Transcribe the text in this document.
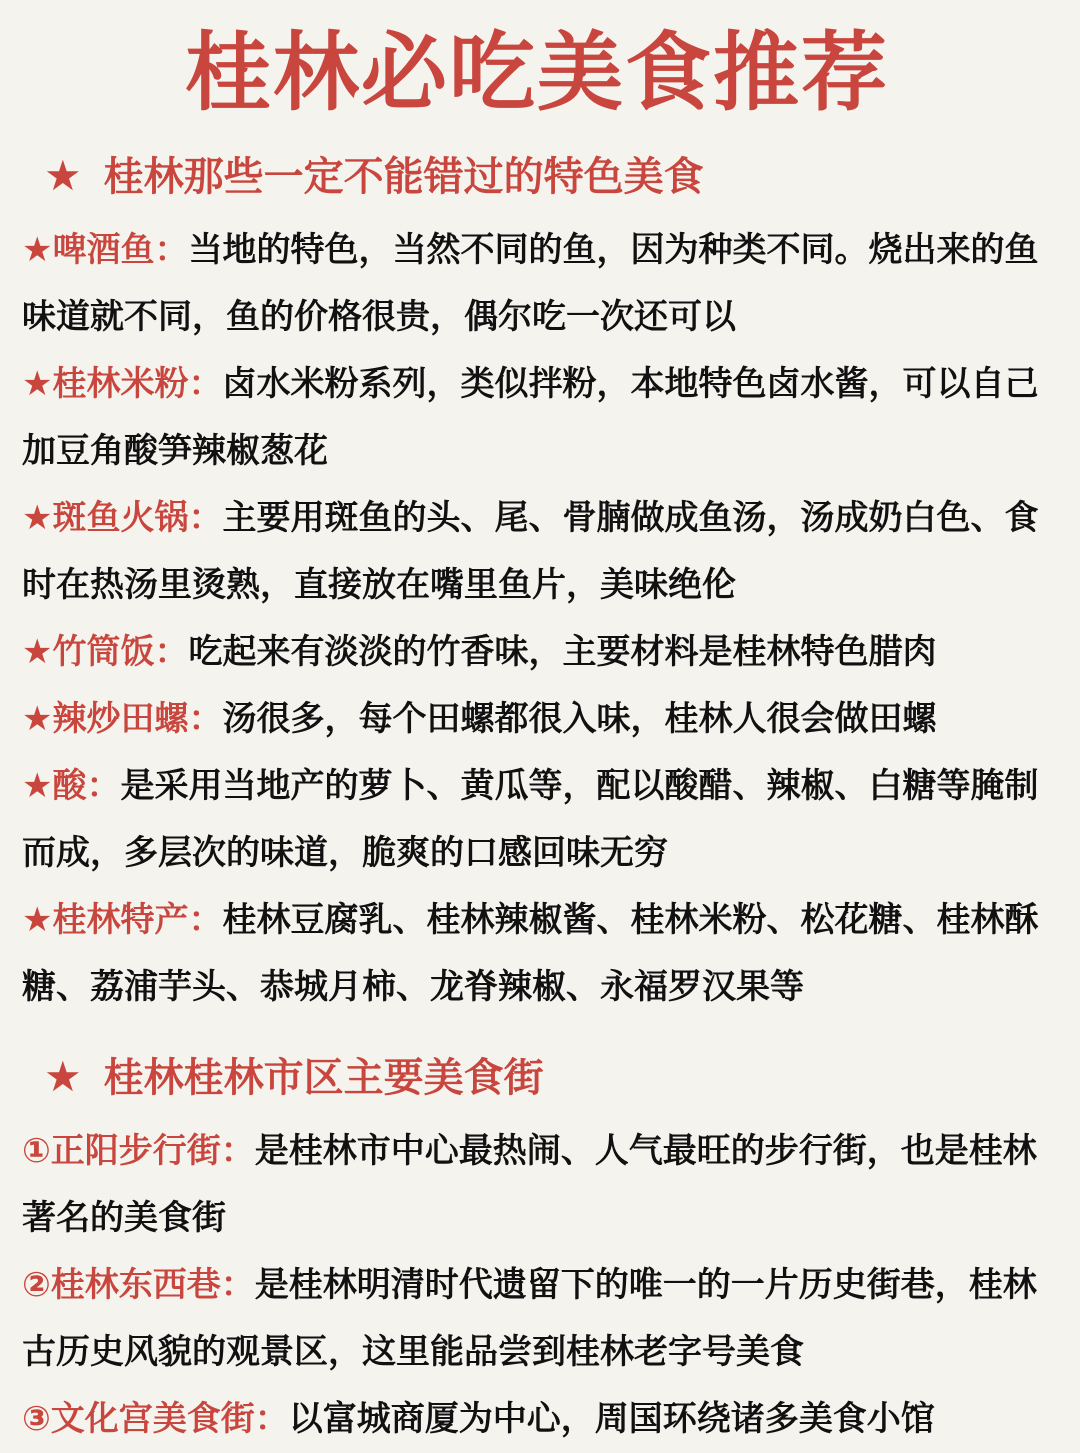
桂林必吃美食推荐
★ 桂林那些一定不能错过的特色美食

★啤酒鱼：当地的特色，当然不同的鱼，因为种类不同。烧出来的鱼味道就不同，鱼的价格很贵，偶尔吃一次还可以

★桂林米粉：卤水米粉系列，类似拌粉，本地特色卤水酱，可以自己加豆角酸笋辣椒葱花

★斑鱼火锅：主要用斑鱼的头、尾、骨腩做成鱼汤，汤成奶白色、食时在热汤里烫熟，直接放在嘴里鱼片，美味绝伦

★竹筒饭：吃起来有淡淡的竹香味，主要材料是桂林特色腊肉

★辣炒田螺：汤很多，每个田螺都很入味，桂林人很会做田螺

★酸：是采用当地产的萝卜、黄瓜等，配以酸醋、辣椒、白糖等腌制而成，多层次的味道，脆爽的口感回味无穷

★桂林特产：桂林豆腐乳、桂林辣椒酱、桂林米粉、松花糖、桂林酥糖、荔浦芋头、恭城月柿、龙脊辣椒、永福罗汉果等

★ 桂林桂林市区主要美食街

①正阳步行街：是桂林市中心最热闹、人气最旺的步行街，也是桂林著名的美食街

②桂林东西巷：是桂林明清时代遗留下的唯一的一片历史街巷，桂林古历史风貌的观景区，这里能品尝到桂林老字号美食

③文化宫美食街：以富城商厦为中心，周国环绕诸多美食小馆
